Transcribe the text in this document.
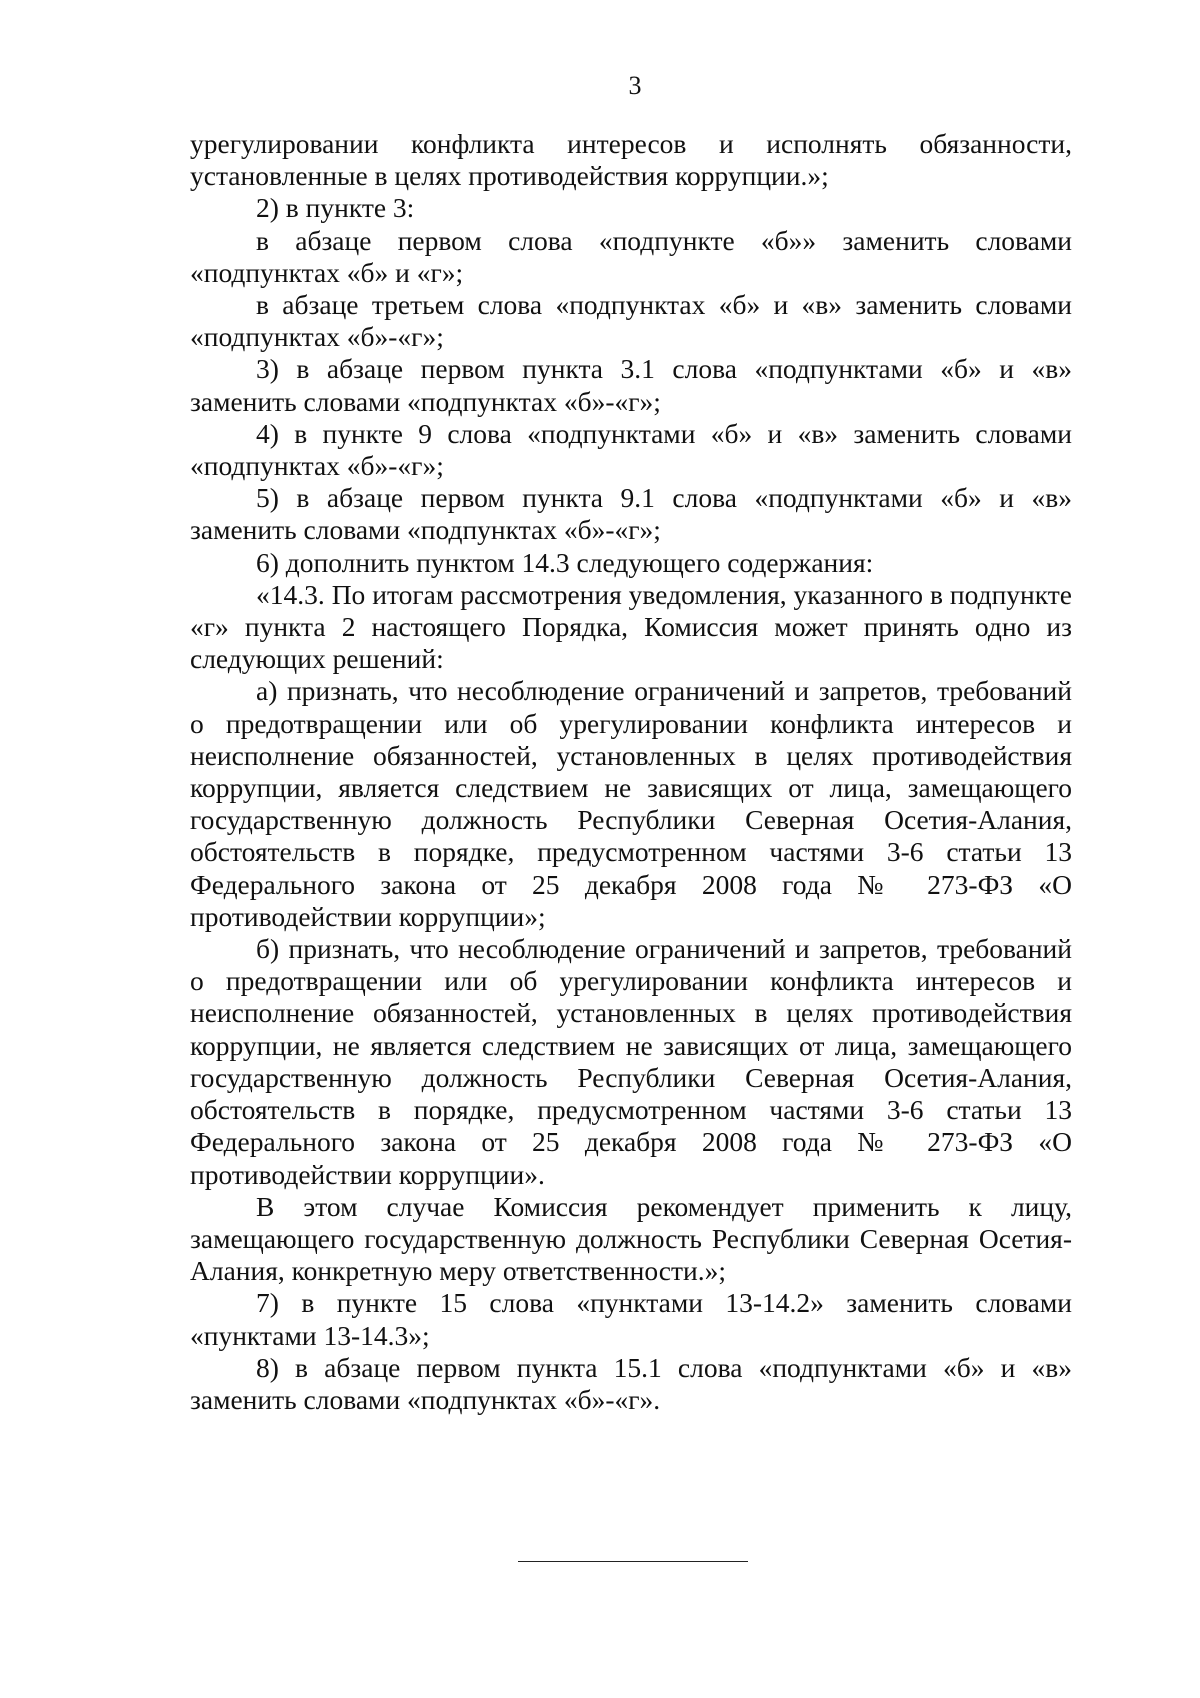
3

урегулировании конфликта интересов и исполнять обязанности, установленные в целях противодействия коррупции.»;

2) в пункте 3:

в абзаце первом слова «подпункте «б»» заменить словами «подпунктах «б» и «г»;

в абзаце третьем слова «подпунктах «б» и «в» заменить словами «подпунктах «б»-«г»;

3) в абзаце первом пункта 3.1 слова «подпунктами «б» и «в» заменить словами «подпунктах «б»-«г»;

4) в пункте 9 слова «подпунктами «б» и «в» заменить словами «подпунктах «б»-«г»;

5) в абзаце первом пункта 9.1 слова «подпунктами «б» и «в» заменить словами «подпунктах «б»-«г»;

6) дополнить пунктом 14.3 следующего содержания:

«14.3. По итогам рассмотрения уведомления, указанного в подпункте «г» пункта 2 настоящего Порядка, Комиссия может принять одно из следующих решений:

а) признать, что несоблюдение ограничений и запретов, требований о предотвращении или об урегулировании конфликта интересов и неисполнение обязанностей, установленных в целях противодействия коррупции, является следствием не зависящих от лица, замещающего государственную должность Республики Северная Осетия-Алания, обстоятельств в порядке, предусмотренном частями 3-6 статьи 13 Федерального закона от 25 декабря 2008 года № 273-ФЗ «О противодействии коррупции»;

б) признать, что несоблюдение ограничений и запретов, требований о предотвращении или об урегулировании конфликта интересов и неисполнение обязанностей, установленных в целях противодействия коррупции, не является следствием не зависящих от лица, замещающего государственную должность Республики Северная Осетия-Алания, обстоятельств в порядке, предусмотренном частями 3-6 статьи 13 Федерального закона от 25 декабря 2008 года № 273-ФЗ «О противодействии коррупции».

В этом случае Комиссия рекомендует применить к лицу, замещающего государственную должность Республики Северная Осетия-Алания, конкретную меру ответственности.»;

7) в пункте 15 слова «пунктами 13-14.2» заменить словами «пунктами 13-14.3»;

8) в абзаце первом пункта 15.1 слова «подпунктами «б» и «в» заменить словами «подпунктах «б»-«г».
